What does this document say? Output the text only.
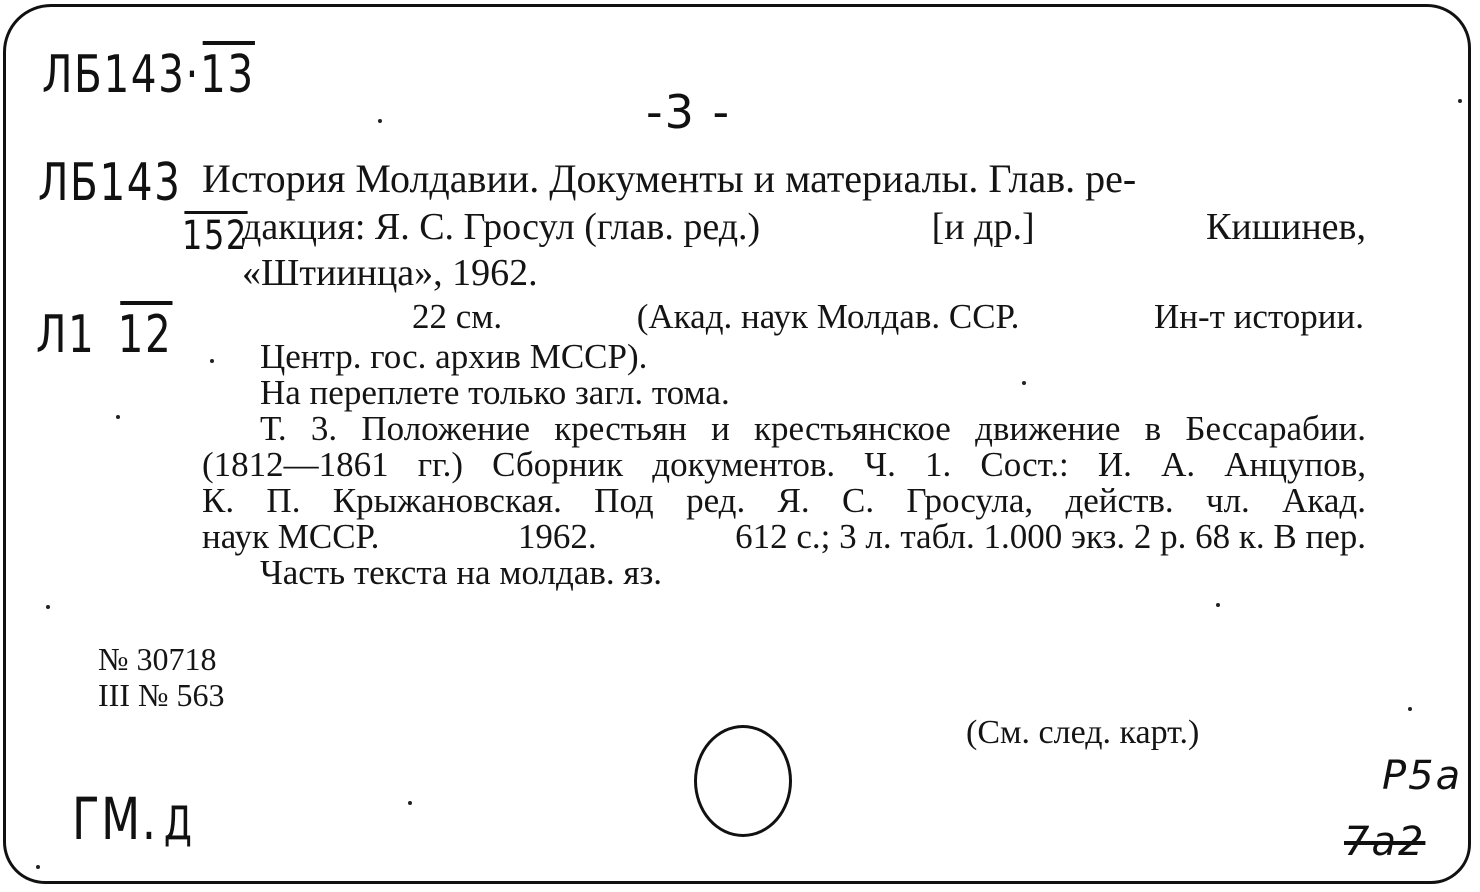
ЛБ143·
13
-3 -
ЛБ143
152
Л1 12
ГМ. Д
Р5а
7а2
История Молдавии. Документы и материалы. Глав. ре-
дакция: Я. С. Гросул (глав. ред.)	[и др.]	Кишинев,
«Штиинца», 1962.
22 см.	(Акад. наук Молдав. ССР.	Ин-т истории.
Центр. гос. архив МССР).
На переплете только загл. тома.
Т. 3. Положение крестьян и крестьянское движение в Бессарабии.
(1812—1861 гг.) Сборник документов. Ч. 1. Сост.: И. А. Анцупов,
К. П. Крыжановская. Под ред. Я. С. Гросула, действ. чл. Акад.
наук МССР.	1962.	612 с.; 3 л. табл. 1.000 экз. 2 р. 68 к. В пер.
Часть текста на молдав. яз.
№ 30718
III № 563
(См. след. карт.)
